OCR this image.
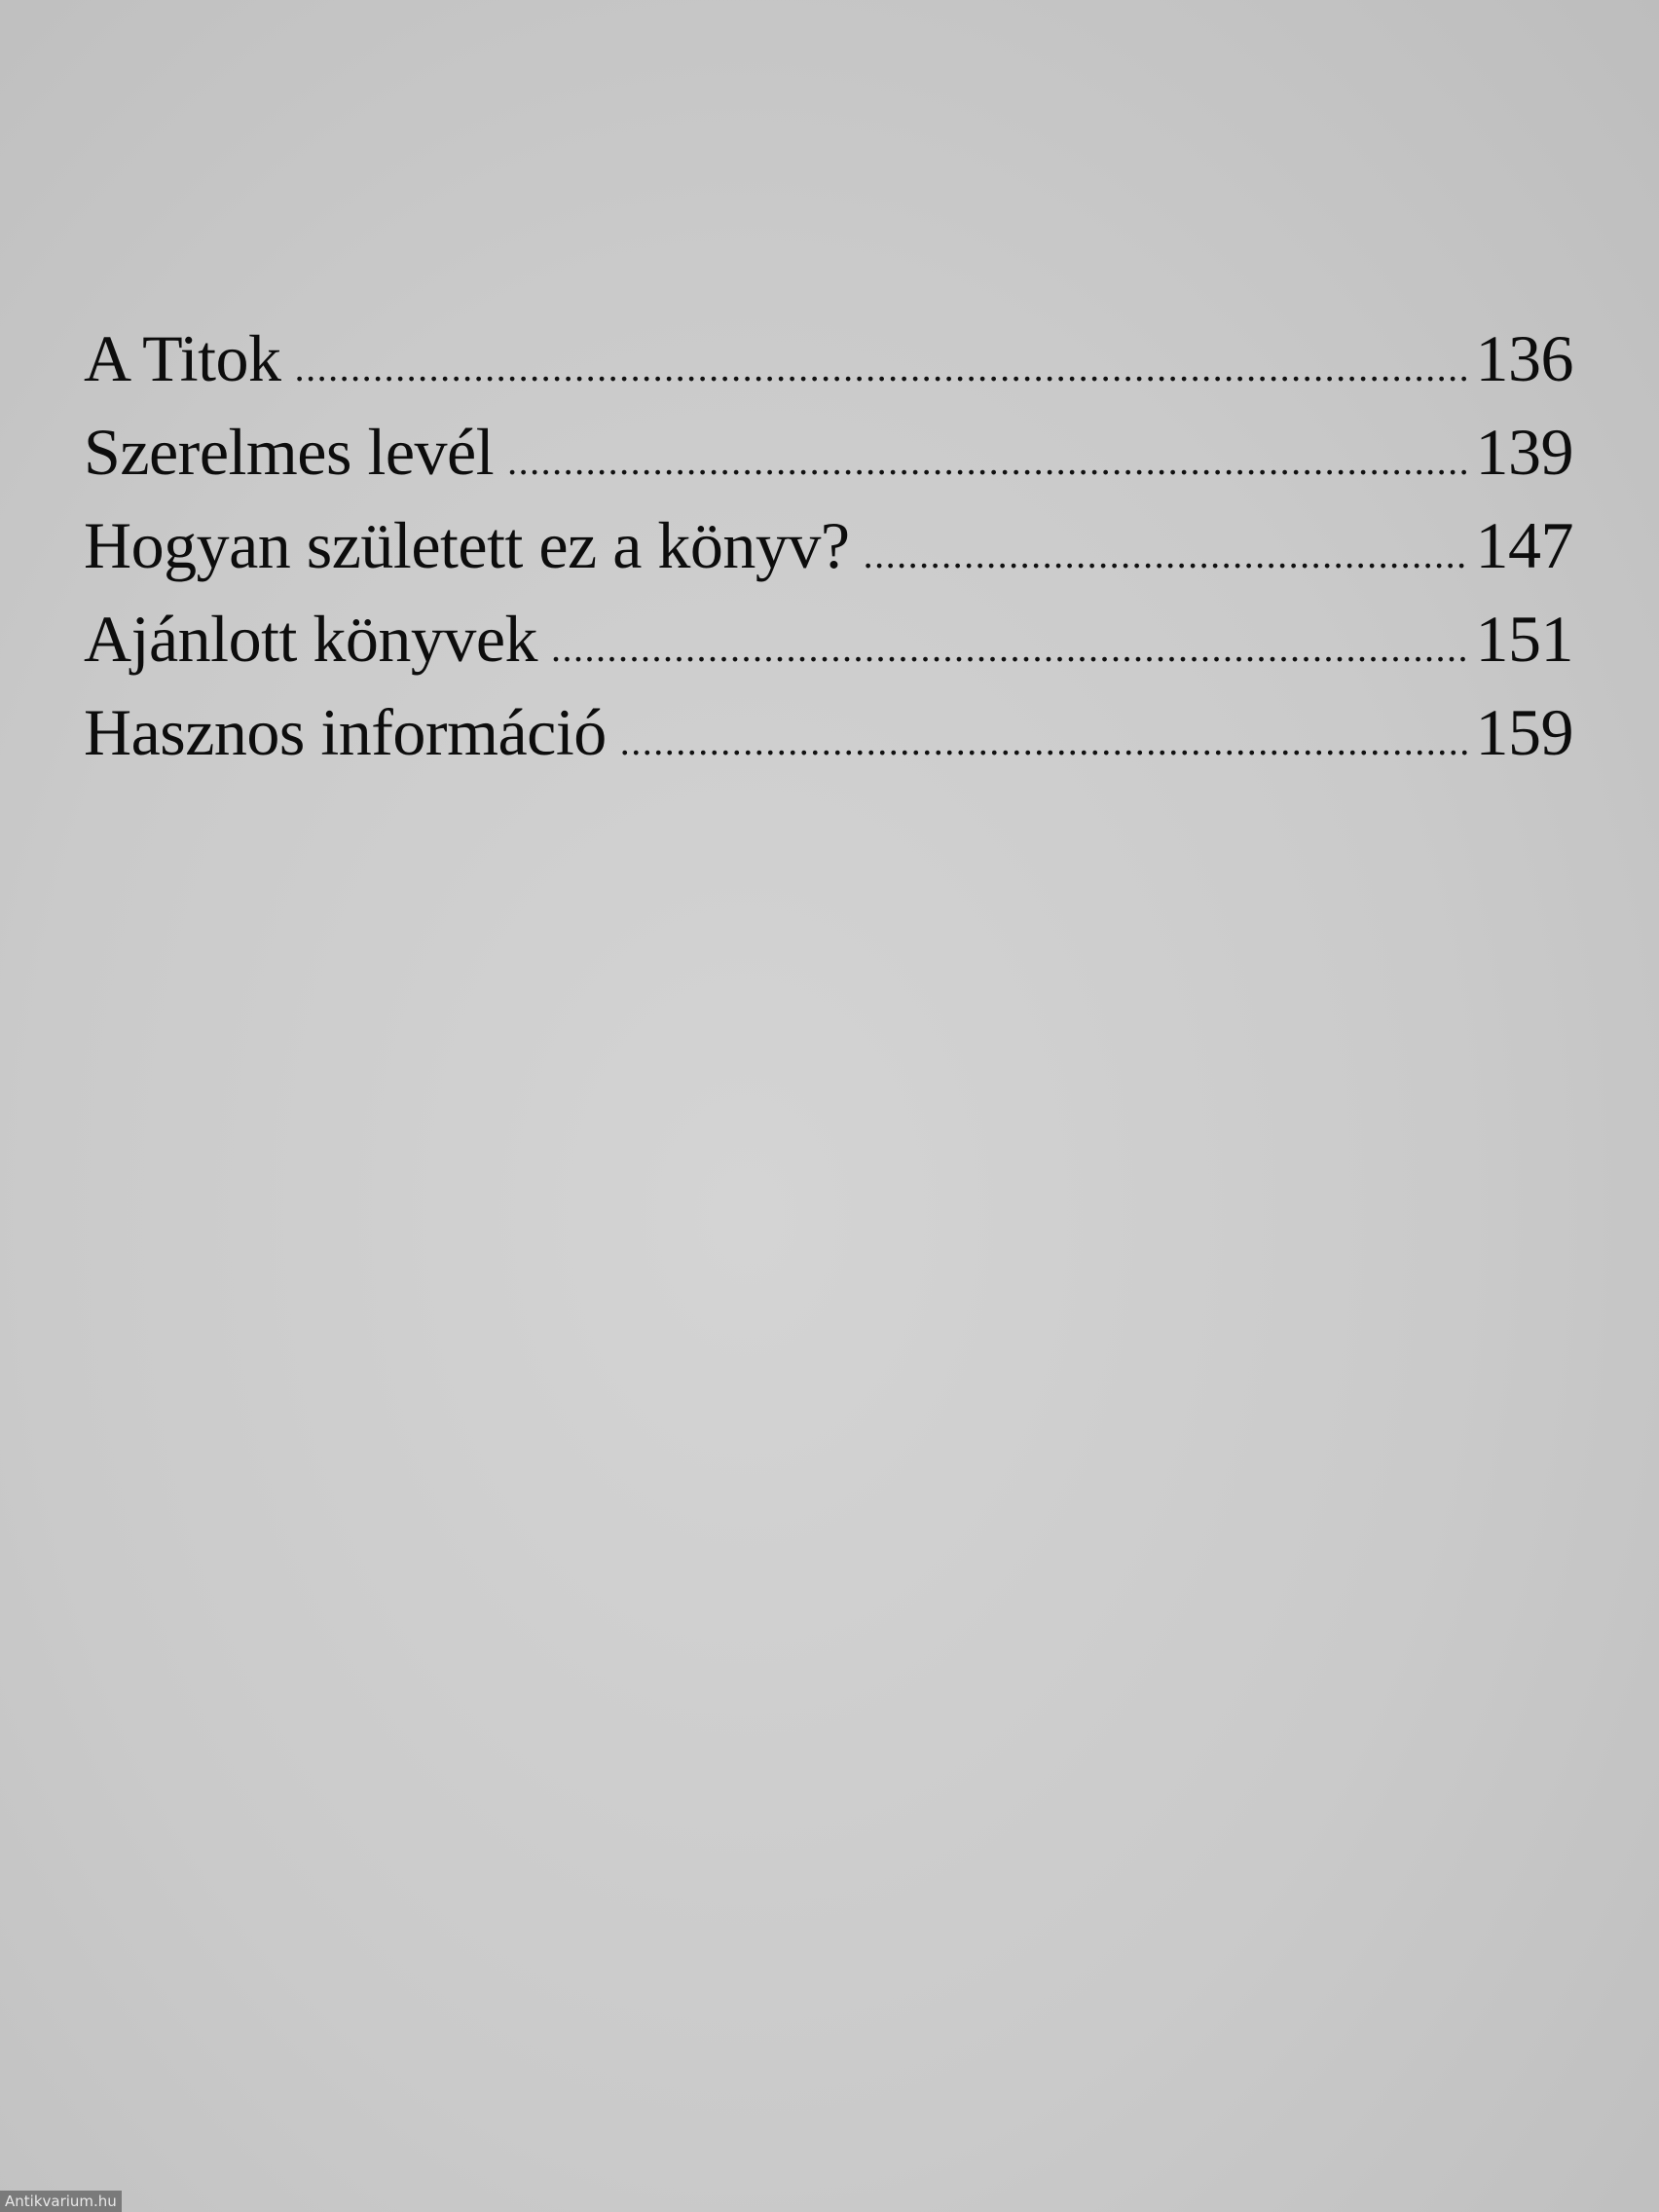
A Titok .....	136
Szerelmes levél .....	139
Hogyan született ez a könyv? .....	147
Ajánlott könyvek .....	151
Hasznos információ .....	159
Antikvarium.hu
